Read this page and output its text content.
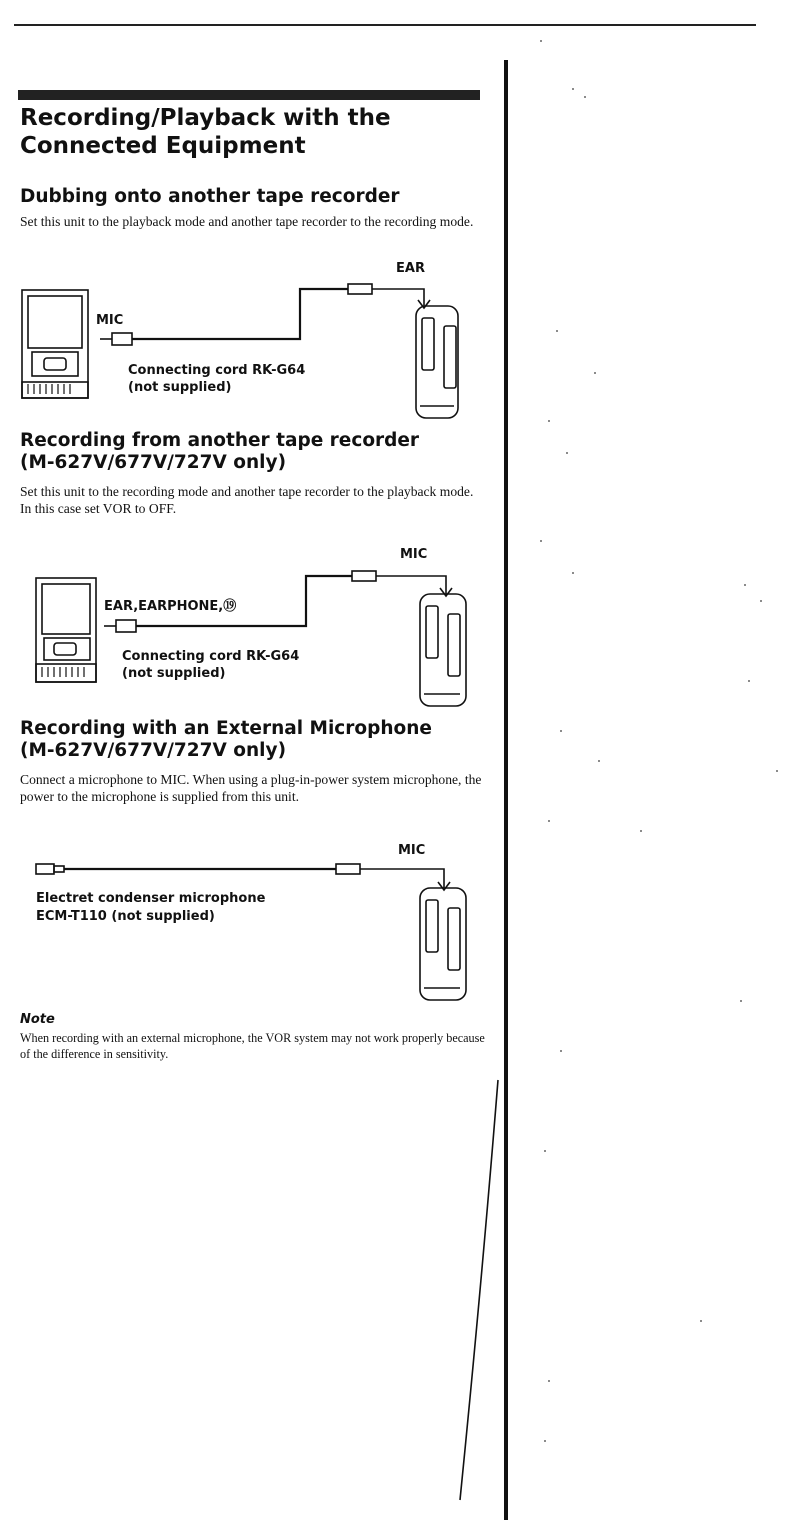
Recording/Playback with the Connected Equipment
Dubbing onto another tape recorder
Set this unit to the playback mode and another tape recorder to the recording mode.
EAR
MIC
Connecting cord RK-G64
(not supplied)
Recording from another tape recorder
(M-627V/677V/727V only)
Set this unit to the recording mode and another tape recorder to the playback mode. In this case set VOR to OFF.
MIC
EAR,EARPHONE,⑲
Connecting cord RK-G64
(not supplied)
Recording with an External Microphone
(M-627V/677V/727V only)
Connect a microphone to MIC. When using a plug-in-power system microphone, the power to the microphone is supplied from this unit.
MIC
Electret condenser microphone
ECM-T110 (not supplied)
Note
When recording with an external microphone, the VOR system may not work properly because of the difference in sensitivity.
